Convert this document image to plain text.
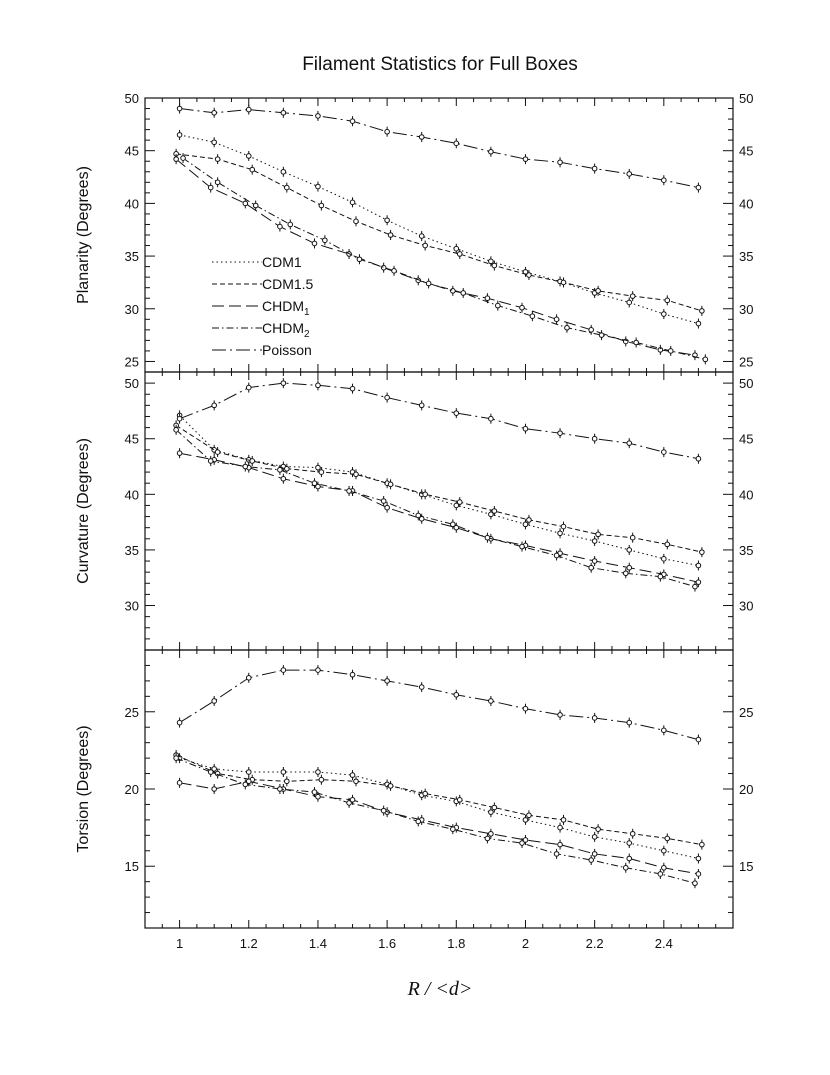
Filament Statistics for Full Boxes
25	25
30	30
35	35
40	40
45	45
50	50
Planarity (Degrees)
30	30
35	35
40	40
45	45
50	50
Curvature (Degrees)
15	15
20	20
25	25
Torsion (Degrees)
1	1.2	1.4	1.6	1.8	2	2.2	2.4
CDM1
CDM1.5
$CHDM_1$
$CHDM_2$
Poisson
R / <d>
